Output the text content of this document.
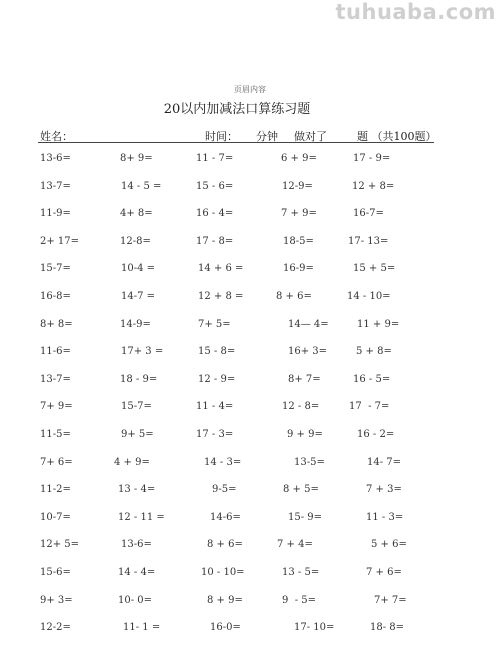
tuhuaba.com
页眉内容
20以内加减法口算练习题
姓名：	时间： 分钟 做对了	题 （共100题）
13-6=	8+ 9=	11 - 7=	6 + 9=	17 - 9=
13-7=	14 - 5 =	15 - 6=	12-9=	12 + 8=
11-9=	4+ 8=	16 - 4=	7 + 9=	16-7=
2+ 17=	12-8=	17 - 8=	18-5=	17- 13=
15-7=	10-4 =	14 + 6 =	16-9=	15 + 5=
16-8=	14-7 =	12 + 8 =	8 + 6=	14 - 10=
8+ 8=	14-9=	7+ 5=	14— 4=	11 + 9=
11-6=	17+ 3 =	15 - 8=	16+ 3=	5 + 8=
13-7=	18 - 9=	12 - 9=	8+ 7=	16 - 5=
7+ 9=	15-7=	11 - 4=	12 - 8=	17  - 7=
11-5=	9+ 5=	17 - 3=	9 + 9=	16 - 2=
7+ 6=	4 + 9=	14 - 3=	13-5=	14- 7=
11-2=	13 - 4=	9-5=	8 + 5=	7 + 3=
10-7=	12 - 11 =	14-6=	15- 9=	11 - 3=
12+ 5=	13-6=	8 + 6=	7 + 4=	5 + 6=
15-6=	14 - 4=	10 - 10=	13 - 5=	7 + 6=
9+ 3=	10- 0=	8 + 9=	9  - 5=	7+ 7=
12-2=	11- 1 =	16-0=	17- 10=	18- 8=
